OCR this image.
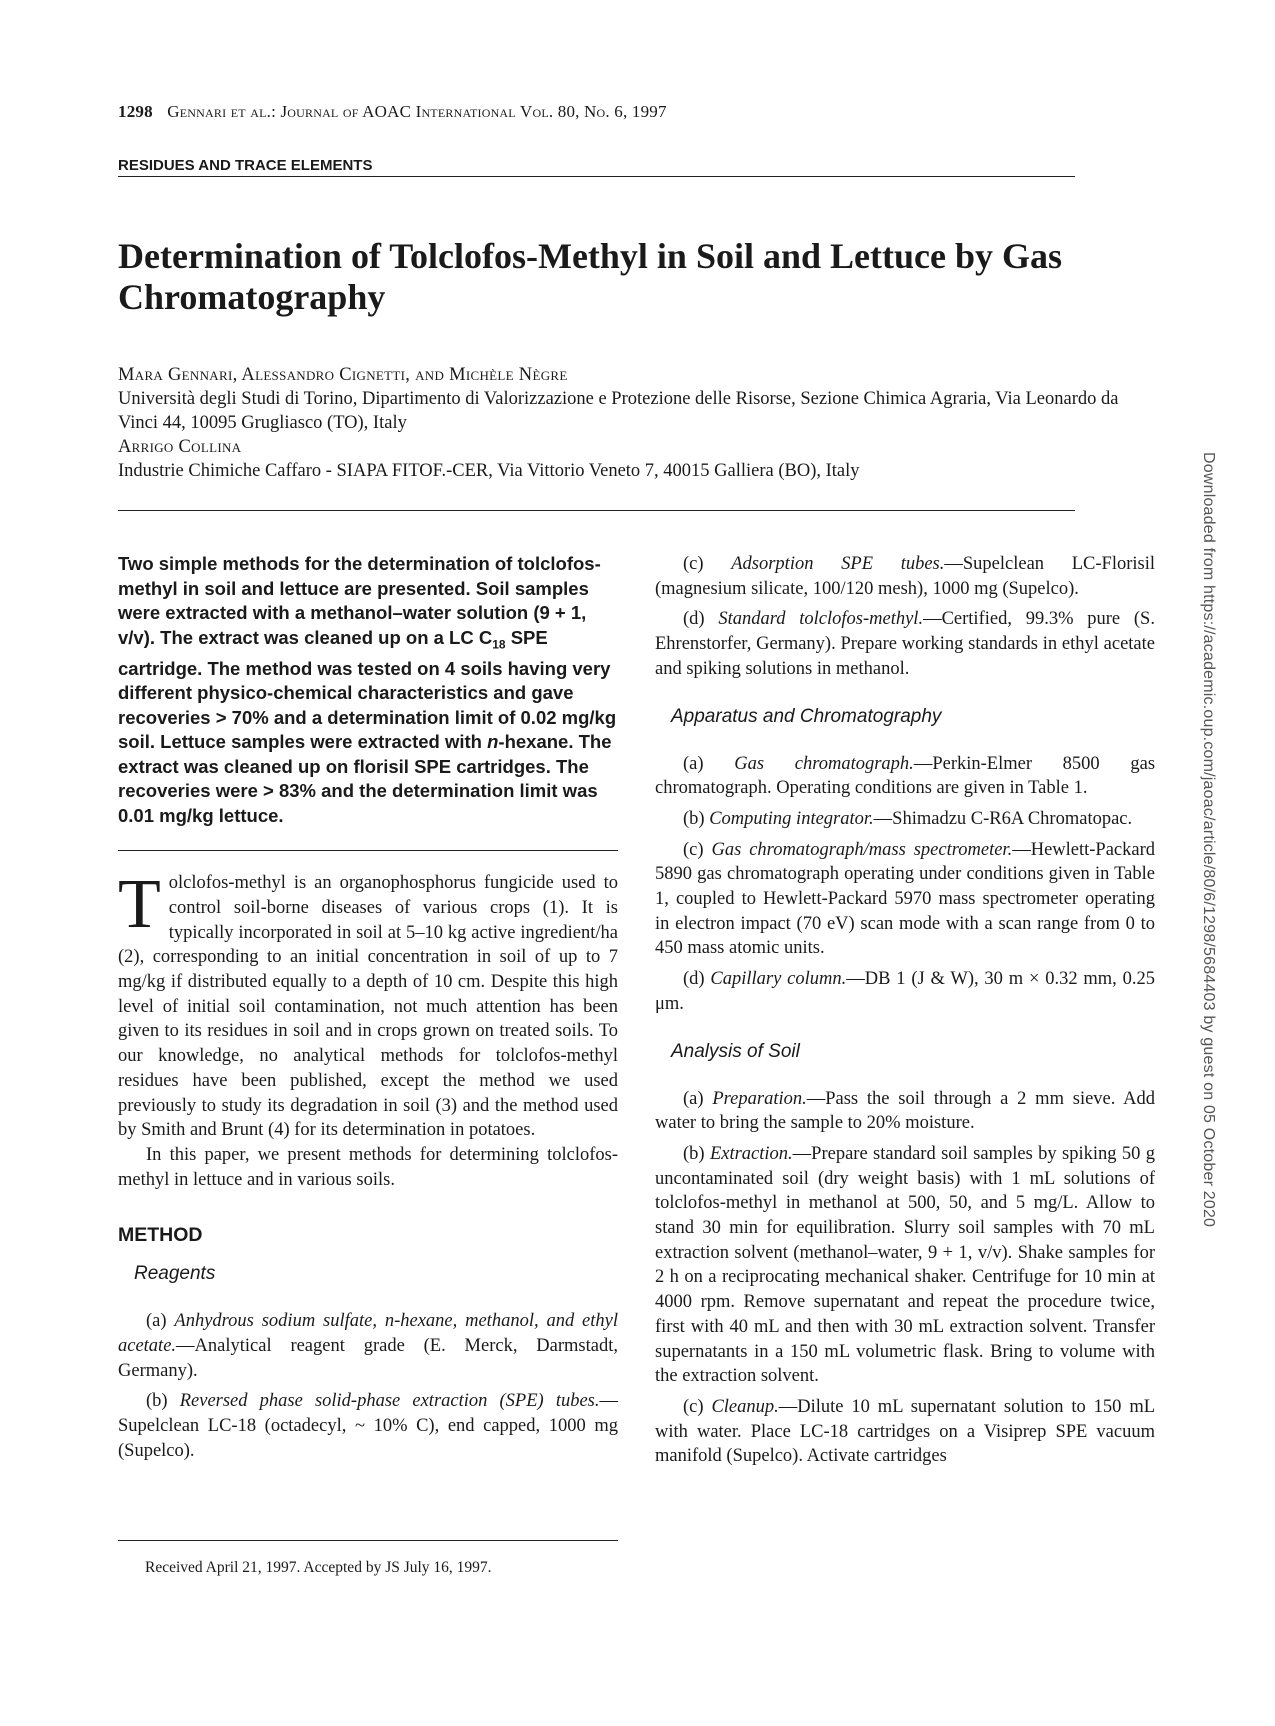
1298 Gennari et al.: Journal of AOAC International Vol. 80, No. 6, 1997
RESIDUES AND TRACE ELEMENTS
Determination of Tolclofos-Methyl in Soil and Lettuce by Gas Chromatography
Mara Gennari, Alessandro Cignetti, and Michèle Nègre
Università degli Studi di Torino, Dipartimento di Valorizzazione e Protezione delle Risorse, Sezione Chimica Agraria, Via Leonardo da Vinci 44, 10095 Grugliasco (TO), Italy
Arrigo Collina
Industrie Chimiche Caffaro - SIAPA FITOF.-CER, Via Vittorio Veneto 7, 40015 Galliera (BO), Italy

Two simple methods for the determination of tolclofos-methyl in soil and lettuce are presented. Soil samples were extracted with a methanol–water solution (9 + 1, v/v). The extract was cleaned up on a LC $C_{18}$ SPE cartridge. The method was tested on 4 soils having very different physico-chemical characteristics and gave recoveries > 70% and a determination limit of 0.02 mg/kg soil. Lettuce samples were extracted with n-hexane. The extract was cleaned up on florisil SPE cartridges. The recoveries were > 83% and the determination limit was 0.01 mg/kg lettuce.

Tolclofos-methyl is an organophosphorus fungicide used to control soil-borne diseases of various crops (1). It is typically incorporated in soil at 5–10 kg active ingredient/ha (2), corresponding to an initial concentration in soil of up to 7 mg/kg if distributed equally to a depth of 10 cm. Despite this high level of initial soil contamination, not much attention has been given to its residues in soil and in crops grown on treated soils. To our knowledge, no analytical methods for tolclofos-methyl residues have been published, except the method we used previously to study its degradation in soil (3) and the method used by Smith and Brunt (4) for its determination in potatoes.

In this paper, we present methods for determining tolclofos-methyl in lettuce and in various soils.

METHOD
Reagents

(a) Anhydrous sodium sulfate, n-hexane, methanol, and ethyl acetate.—Analytical reagent grade (E. Merck, Darmstadt, Germany).

(b) Reversed phase solid-phase extraction (SPE) tubes.— Supelclean LC-18 (octadecyl, ~ 10% C), end capped, 1000 mg (Supelco).

Received April 21, 1997. Accepted by JS July 16, 1997.

(c) Adsorption SPE tubes.—Supelclean LC-Florisil (magnesium silicate, 100/120 mesh), 1000 mg (Supelco).

(d) Standard tolclofos-methyl.—Certified, 99.3% pure (S. Ehrenstorfer, Germany). Prepare working standards in ethyl acetate and spiking solutions in methanol.

Apparatus and Chromatography

(a) Gas chromatograph.—Perkin-Elmer 8500 gas chromatograph. Operating conditions are given in Table 1.

(b) Computing integrator.—Shimadzu C-R6A Chromatopac.

(c) Gas chromatograph/mass spectrometer.—Hewlett-Packard 5890 gas chromatograph operating under conditions given in Table 1, coupled to Hewlett-Packard 5970 mass spectrometer operating in electron impact (70 eV) scan mode with a scan range from 0 to 450 mass atomic units.

(d) Capillary column.—DB 1 (J & W), 30 m × 0.32 mm, 0.25 μm.

Analysis of Soil

(a) Preparation.—Pass the soil through a 2 mm sieve. Add water to bring the sample to 20% moisture.

(b) Extraction.—Prepare standard soil samples by spiking 50 g uncontaminated soil (dry weight basis) with 1 mL solutions of tolclofos-methyl in methanol at 500, 50, and 5 mg/L. Allow to stand 30 min for equilibration. Slurry soil samples with 70 mL extraction solvent (methanol–water, 9 + 1, v/v). Shake samples for 2 h on a reciprocating mechanical shaker. Centrifuge for 10 min at 4000 rpm. Remove supernatant and repeat the procedure twice, first with 40 mL and then with 30 mL extraction solvent. Transfer supernatants in a 150 mL volumetric flask. Bring to volume with the extraction solvent.

(c) Cleanup.—Dilute 10 mL supernatant solution to 150 mL with water. Place LC-18 cartridges on a Visiprep SPE vacuum manifold (Supelco). Activate cartridges

Downloaded from https://academic.oup.com/jaoac/article/80/6/1298/5684403 by guest on 05 October 2020
